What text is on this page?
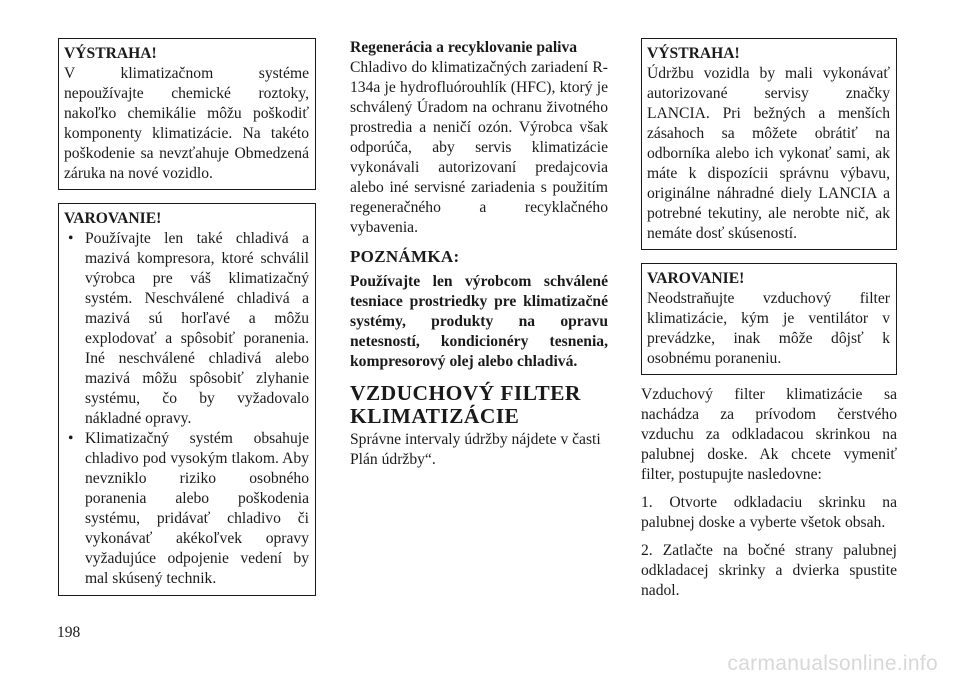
VÝSTRAHA!
V klimatizačnom systéme nepoužívajte chemické roztoky, nakoľko chemikálie môžu poškodiť komponenty klimatizácie. Na takéto poškodenie sa nevzťahuje Obmedzená záruka na nové vozidlo.
VAROVANIE!
• Používajte len také chladivá a mazivá kompresora, ktoré schválil výrobca pre váš klimatizačný systém. Neschválené chladivá a mazivá sú horľavé a môžu explodovať a spôsobiť poranenia. Iné neschválené chladivá alebo mazivá môžu spôsobiť zlyhanie systému, čo by vyžadovalo nákladné opravy.
• Klimatizačný systém obsahuje chladivo pod vysokým tlakom. Aby nevzniklo riziko osobného poranenia alebo poškodenia systému, pridávať chladivo či vykonávať akékoľvek opravy vyžadujúce odpojenie vedení by mal skúsený technik.
Regenerácia a recyklovanie paliva

Chladivo do klimatizačných zariadení R-134a je hydrofluórouhlík (HFC), ktorý je schválený Úradom na ochranu životného prostredia a neničí ozón. Výrobca však odporúča, aby servis klimatizácie vykonávali autorizovaní predajcovia alebo iné servisné zariadenia s použitím regeneračného a recyklačného vybavenia.

POZNÁMKA:

Používajte len výrobcom schválené tesniace prostriedky pre klimatizačné systémy, produkty na opravu netesností, kondicionéry tesnenia, kompresorový olej alebo chladivá.

VZDUCHOVÝ FILTER
KLIMATIZÁCIE

Správne intervaly údržby nájdete v časti Plán údržby“.

VÝSTRAHA!
Údržbu vozidla by mali vykonávať autorizované servisy značky LANCIA. Pri bežných a menších zásahoch sa môžete obrátiť na odborníka alebo ich vykonať sami, ak máte k dispozícii správnu výbavu, originálne náhradné diely LANCIA a potrebné tekutiny, ale nerobte nič, ak nemáte dosť skúseností.
VAROVANIE!
Neodstraňujte vzduchový filter klimatizácie, kým je ventilátor v prevádzke, inak môže dôjsť k osobnému poraneniu.

Vzduchový filter klimatizácie sa nachádza za prívodom čerstvého vzduchu za odkladacou skrinkou na palubnej doske. Ak chcete vymeniť filter, postupujte nasledovne:

1. Otvorte odkladaciu skrinku na palubnej doske a vyberte všetok obsah.

2. Zatlačte na bočné strany palubnej odkladacej skrinky a dvierka spustite nadol.

198
carmanualsonline.info
